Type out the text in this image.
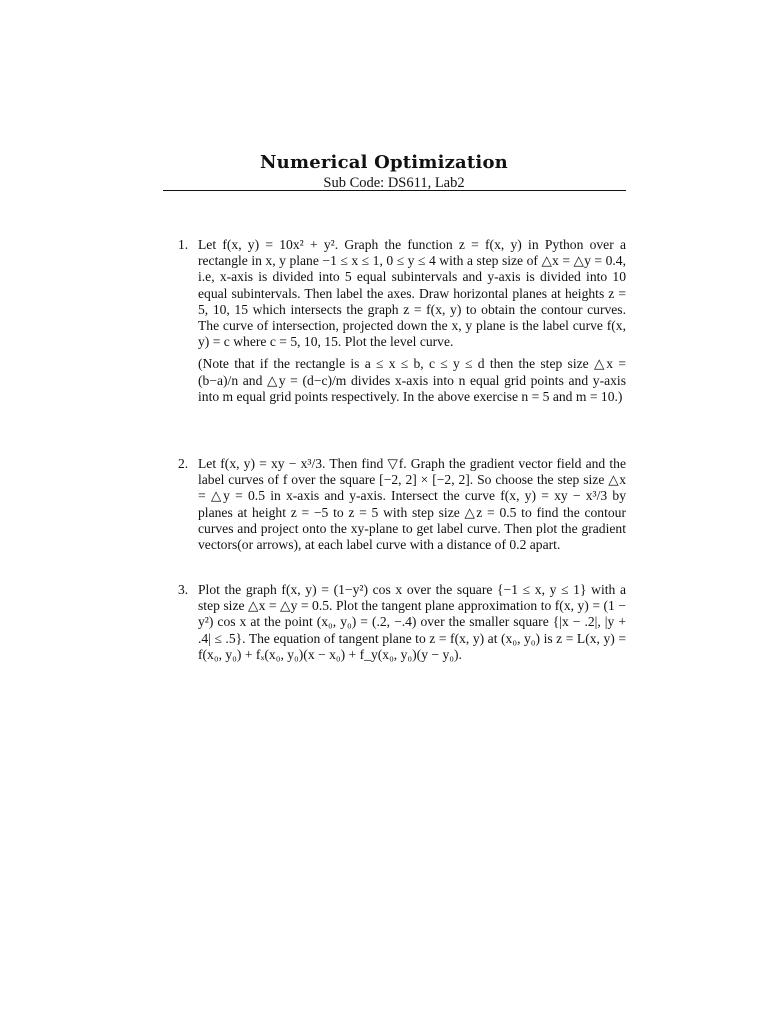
Numerical Optimization
Sub Code: DS611, Lab2
1. Let f(x, y) = 10x² + y². Graph the function z = f(x, y) in Python over a rectangle in x, y plane −1 ≤ x ≤ 1, 0 ≤ y ≤ 4 with a step size of △x = △y = 0.4, i.e, x-axis is divided into 5 equal subintervals and y-axis is divided into 10 equal subintervals. Then label the axes. Draw horizontal planes at heights z = 5, 10, 15 which intersects the graph z = f(x, y) to obtain the contour curves. The curve of intersection, projected down the x, y plane is the label curve f(x, y) = c where c = 5, 10, 15. Plot the level curve.
(Note that if the rectangle is a ≤ x ≤ b, c ≤ y ≤ d then the step size △x = (b−a)/n and △y = (d−c)/m divides x-axis into n equal grid points and y-axis into m equal grid points respectively. In the above exercise n = 5 and m = 10.)
2. Let f(x, y) = xy − x³/3. Then find ▽f. Graph the gradient vector field and the label curves of f over the square [−2, 2] × [−2, 2]. So choose the step size △x = △y = 0.5 in x-axis and y-axis. Intersect the curve f(x, y) = xy − x³/3 by planes at height z = −5 to z = 5 with step size △z = 0.5 to find the contour curves and project onto the xy-plane to get label curve. Then plot the gradient vectors(or arrows), at each label curve with a distance of 0.2 apart.
3. Plot the graph f(x, y) = (1−y²) cos x over the square {−1 ≤ x, y ≤ 1} with a step size △x = △y = 0.5. Plot the tangent plane approximation to f(x, y) = (1 − y²) cos x at the point (x₀, y₀) = (.2, −.4) over the smaller square {|x − .2|, |y + .4| ≤ .5}. The equation of tangent plane to z = f(x, y) at (x₀, y₀) is z = L(x, y) = f(x₀, y₀) + fₓ(x₀, y₀)(x − x₀) + f_y(x₀, y₀)(y − y₀).
